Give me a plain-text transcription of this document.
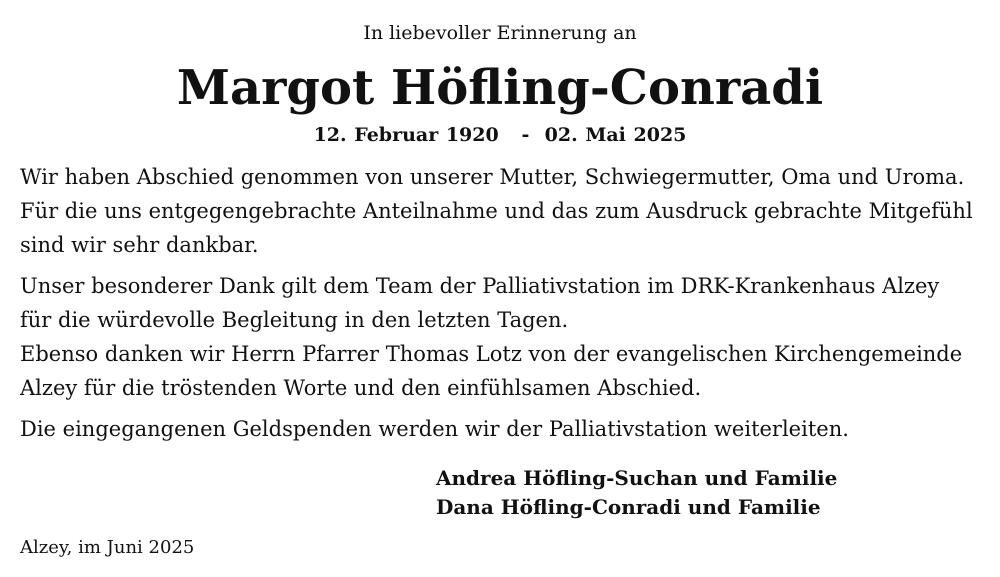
In liebevoller Erinnerung an
Margot Höfling-Conradi
12. Februar 1920   -  02. Mai 2025

Wir haben Abschied genommen von unserer Mutter, Schwiegermutter, Oma und Uroma.

Für die uns entgegengebrachte Anteilnahme und das zum Ausdruck gebrachte Mitgefühl

sind wir sehr dankbar.

Unser besonderer Dank gilt dem Team der Palliativstation im DRK-Krankenhaus Alzey

für die würdevolle Begleitung in den letzten Tagen.

Ebenso danken wir Herrn Pfarrer Thomas Lotz von der evangelischen Kirchengemeinde

Alzey für die tröstenden Worte und den einfühlsamen Abschied.

Die eingegangenen Geldspenden werden wir der Palliativstation weiterleiten.

Andrea Höfling-Suchan und Familie
Dana Höfling-Conradi und Familie
Alzey, im Juni 2025
